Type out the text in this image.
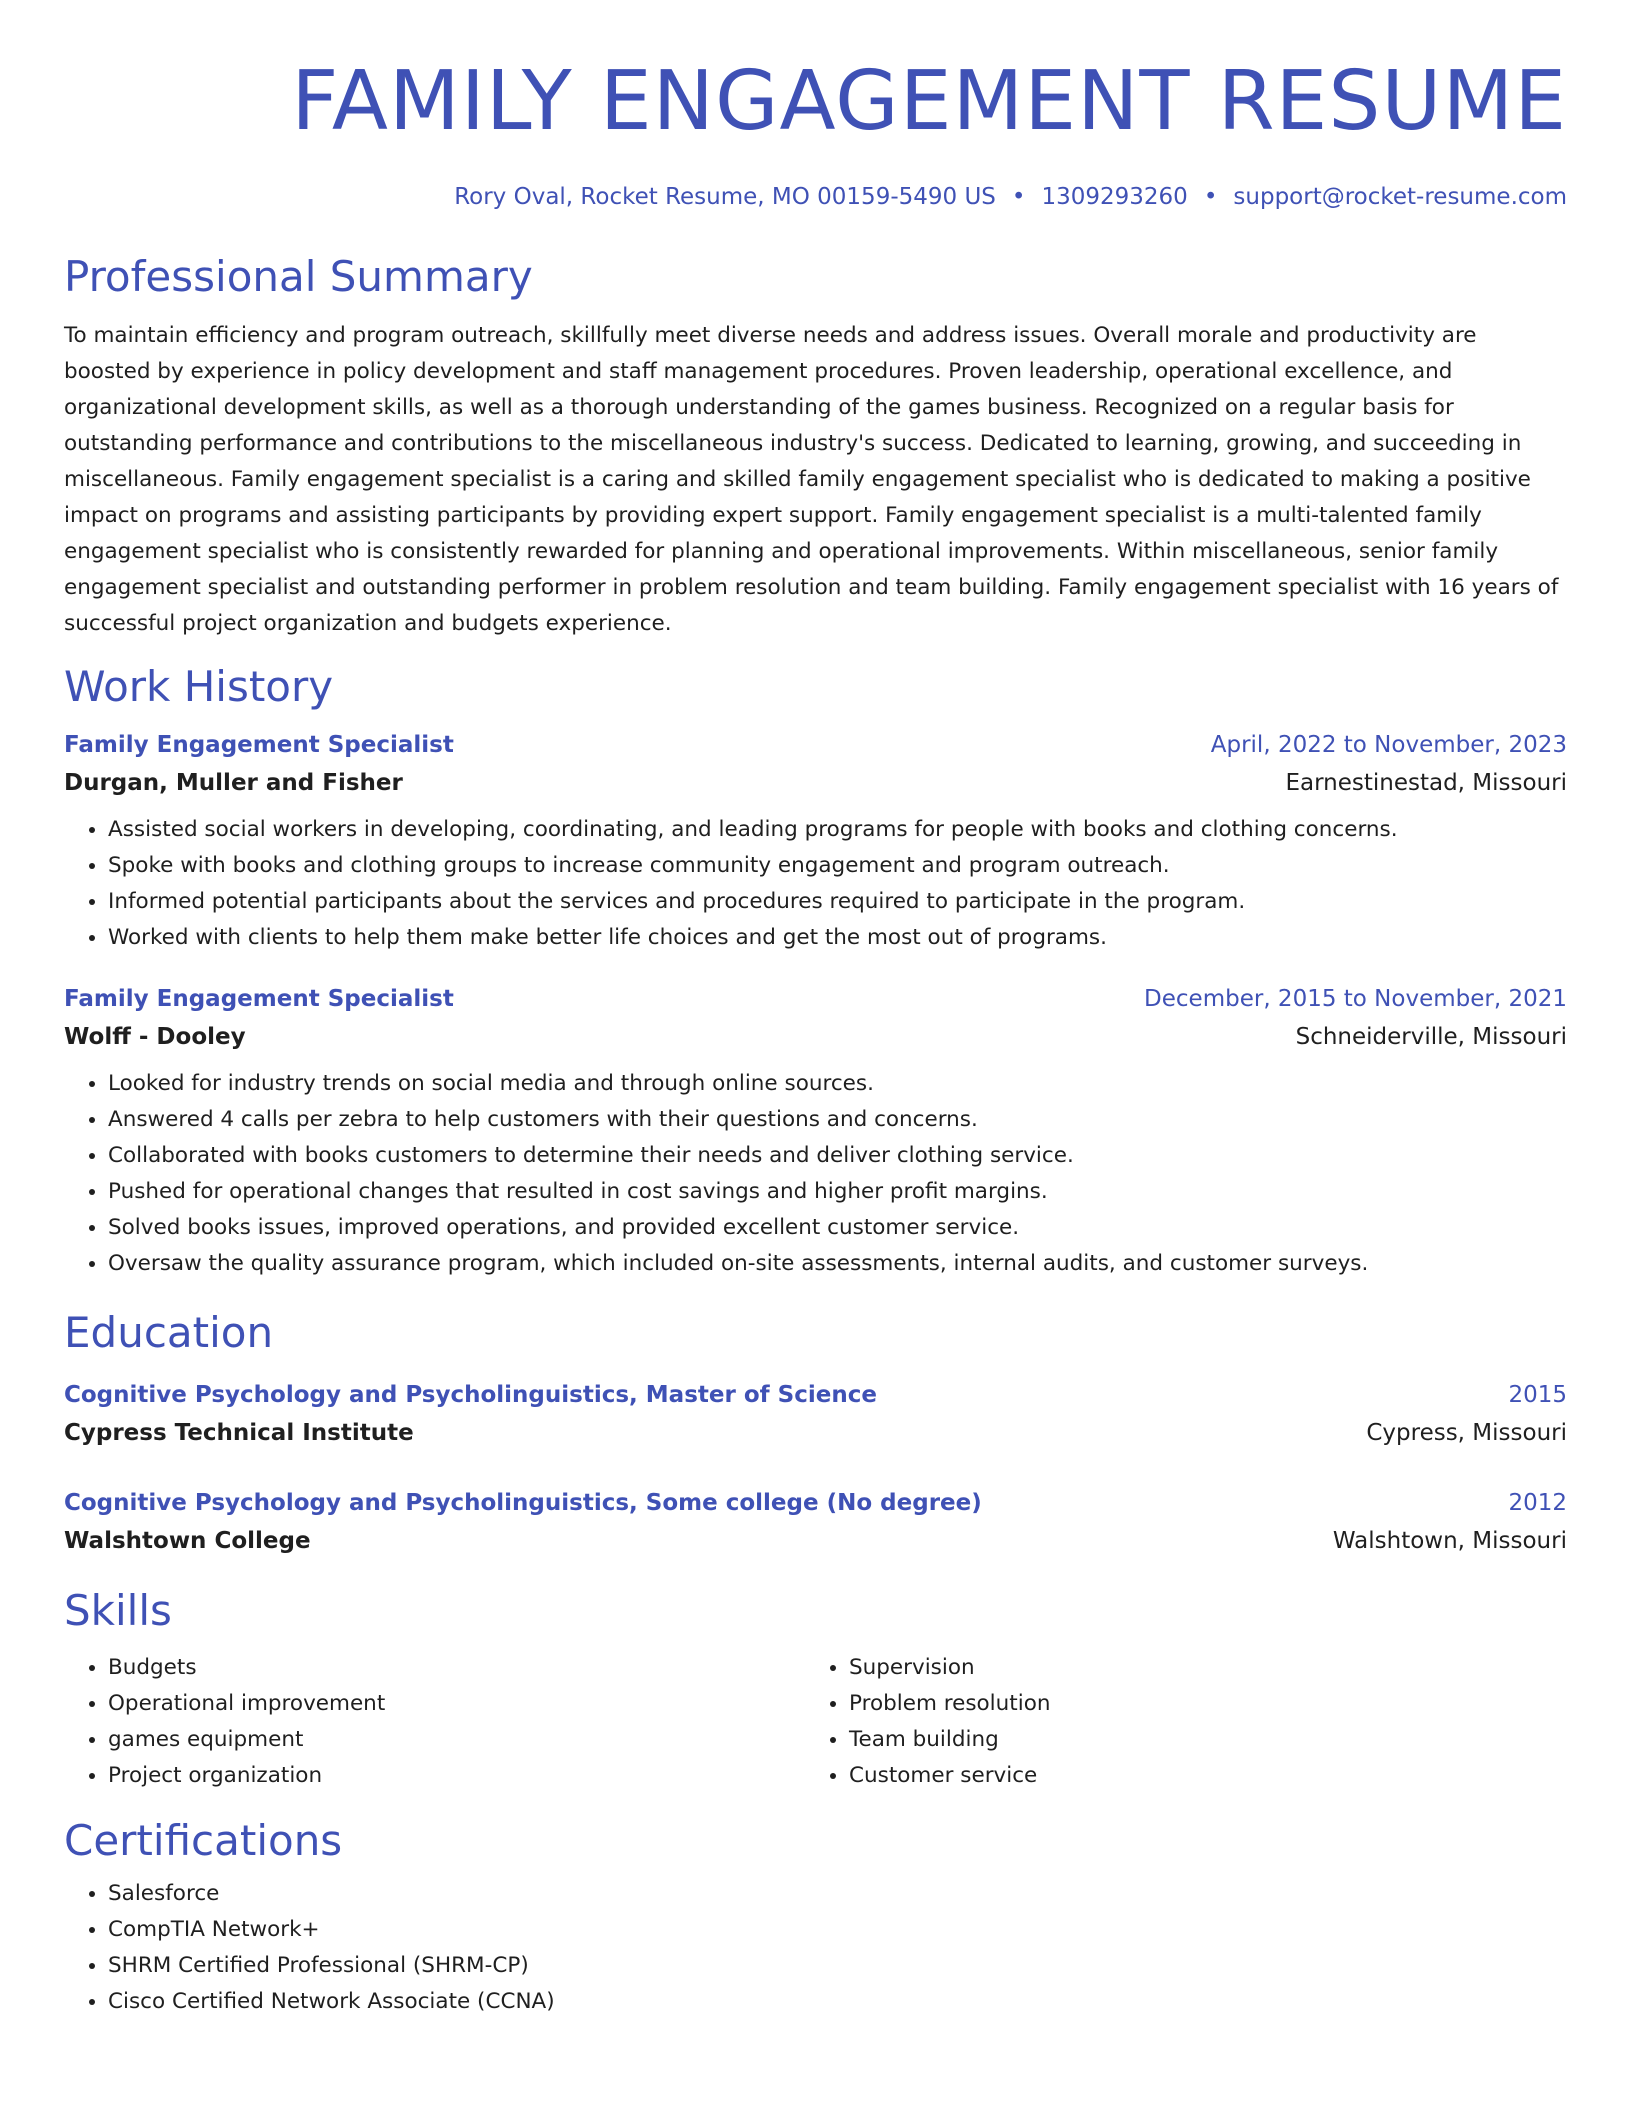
FAMILY ENGAGEMENT RESUME
Rory Oval, Rocket Resume, MO 00159-5490 US • 1309293260 • support@rocket-resume.com
Professional Summary
To maintain efficiency and program outreach, skillfully meet diverse needs and address issues. Overall morale and productivity are boosted by experience in policy development and staff management procedures. Proven leadership, operational excellence, and organizational development skills, as well as a thorough understanding of the games business. Recognized on a regular basis for outstanding performance and contributions to the miscellaneous industry's success. Dedicated to learning, growing, and succeeding in miscellaneous. Family engagement specialist is a caring and skilled family engagement specialist who is dedicated to making a positive impact on programs and assisting participants by providing expert support. Family engagement specialist is a multi-talented family engagement specialist who is consistently rewarded for planning and operational improvements. Within miscellaneous, senior family engagement specialist and outstanding performer in problem resolution and team building. Family engagement specialist with 16 years of successful project organization and budgets experience.
Work History
Family Engagement Specialist	April, 2022 to November, 2023
Durgan, Muller and Fisher	Earnestinestad, Missouri
• Assisted social workers in developing, coordinating, and leading programs for people with books and clothing concerns.
• Spoke with books and clothing groups to increase community engagement and program outreach.
• Informed potential participants about the services and procedures required to participate in the program.
• Worked with clients to help them make better life choices and get the most out of programs.
Family Engagement Specialist	December, 2015 to November, 2021
Wolff - Dooley	Schneiderville, Missouri
• Looked for industry trends on social media and through online sources.
• Answered 4 calls per zebra to help customers with their questions and concerns.
• Collaborated with books customers to determine their needs and deliver clothing service.
• Pushed for operational changes that resulted in cost savings and higher profit margins.
• Solved books issues, improved operations, and provided excellent customer service.
• Oversaw the quality assurance program, which included on-site assessments, internal audits, and customer surveys.
Education
Cognitive Psychology and Psycholinguistics, Master of Science	2015
Cypress Technical Institute	Cypress, Missouri
Cognitive Psychology and Psycholinguistics, Some college (No degree)	2012
Walshtown College	Walshtown, Missouri
Skills
• Budgets
• Operational improvement
• games equipment
• Project organization
• Supervision
• Problem resolution
• Team building
• Customer service
Certifications
• Salesforce
• CompTIA Network+
• SHRM Certified Professional (SHRM-CP)
• Cisco Certified Network Associate (CCNA)
